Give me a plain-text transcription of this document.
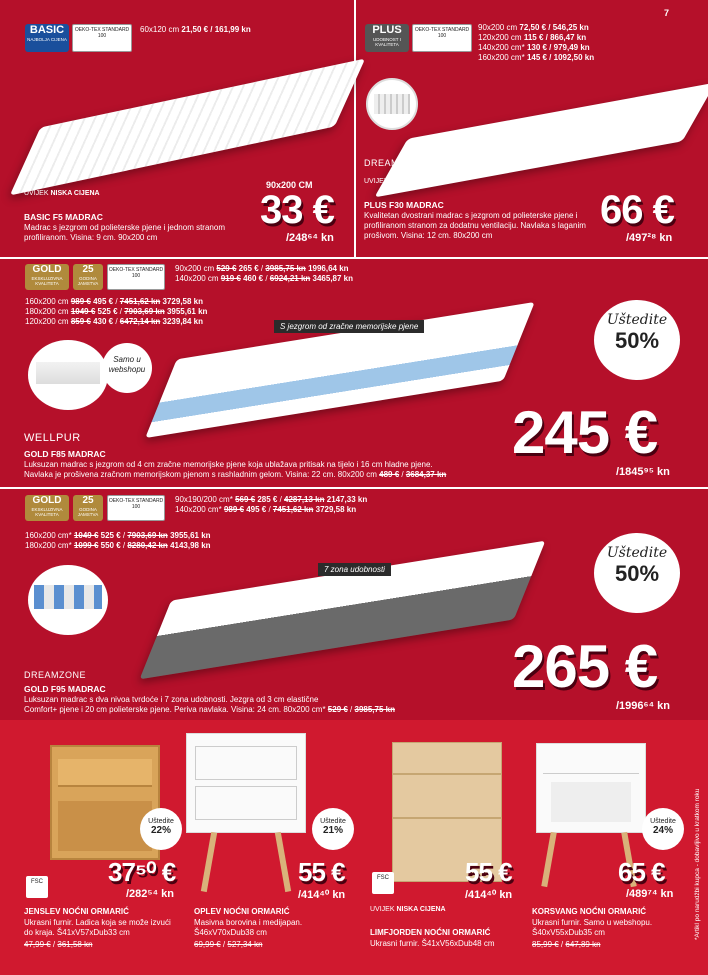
7
BASIC
NAJBOLJA CIJENA
OEKO-TEX STANDARD 100
60x120 cm 21,50 € / 161,99 kn
90x200 CM
UVIJEK NISKA CIJENA
BASIC F5 MADRAC
Madrac s jezgrom od polieterske pjene i jednom stranom profiliranom. Visina: 9 cm. 90x200 cm
33 €
/248⁶⁴ kn
PLUS
UDOBNOST I KVALITETA
OEKO-TEX STANDARD 100
90x200 cm 72,50 € / 546,25 kn
120x200 cm 115 € / 866,47 kn
140x200 cm* 130 € / 979,49 kn
160x200 cm* 145 € / 1092,50 kn
DREAMZONE
UVIJEK NISKA CIJENA
PLUS F30 MADRAC
Kvalitetan dvostrani madrac s jezgrom od polieterske pjene i profiliranom stranom za dodatnu ventilaciju. Navlaka s laganim prošivom. Visina: 12 cm. 80x200 cm
66 €
/497²⁸ kn
GOLD
EKSKLUZIVNA KVALITETA
25
GODINA JAMSTVA
OEKO-TEX STANDARD 100
90x200 cm 529 € 265 € / 3985,75 kn 1996,64 kn
140x200 cm 919 € 460 € / 6924,21 kn 3465,87 kn
160x200 cm 989 € 495 € / 7451,62 kn 3729,58 kn
180x200 cm 1049 € 525 € / 7903,69 kn 3955,61 kn
120x200 cm 859 € 430 € / 6472,14 kn 3239,84 kn
S jezgrom od zračne memorijske pjene
Samo u webshopu
Uštedite
50%
WELLPUR
GOLD F85 MADRAC
Luksuzan madrac s jezgrom od 4 cm zračne memorijske pjene koja ublažava pritisak na tijelo i 16 cm hladne pjene.
Navlaka je prošivena zračnom memorijskom pjenom s rashladnim gelom. Visina: 22 cm. 80x200 cm 489 € / 3684,37 kn
245 €
/1845⁹⁵ kn
GOLD
EKSKLUZIVNA KVALITETA
25
GODINA JAMSTVA
OEKO-TEX STANDARD 100
90x190/200 cm* 569 € 285 € / 4287,13 kn 2147,33 kn
140x200 cm* 989 € 495 € / 7451,62 kn 3729,58 kn
160x200 cm* 1049 € 525 € / 7903,69 kn 3955,61 kn
180x200 cm* 1099 € 550 € / 8280,42 kn 4143,98 kn
7 zona udobnosti
Uštedite
50%
DREAMZONE
GOLD F95 MADRAC
Luksuzan madrac s dva nivoa tvrdoće i 7 zona udobnosti. Jezgra od 3 cm elastične
Comfort+ pjene i 20 cm polieterske pjene. Periva navlaka. Visina: 24 cm. 80x200 cm* 529 € / 3985,75 kn
265 €
/1996⁶⁴ kn
Uštedite
22%
FSC	37⁵⁰ €
/282⁵⁴ kn
JENSLEV NOĆNI ORMARIĆ
Ukrasni furnir. Ladica koja se može izvući do kraja. Š41xV57xDub33 cm
47,99 € / 361,58 kn
Uštedite
21%
55 €
/414⁴⁰ kn
OPLEV NOĆNI ORMARIĆ
Masivna borovina i medijapan. Š46xV70xDub38 cm
69,99 € / 527,34 kn
FSC	55 €
/414⁴⁰ kn
UVIJEK NISKA CIJENA
LIMFJORDEN NOĆNI ORMARIĆ
Ukrasni furnir. Š41xV56xDub48 cm
Uštedite
24%
65 €
/489⁷⁴ kn
KORSVANG NOĆNI ORMARIĆ
Ukrasni furnir. Samo u webshopu. Š40xV55xDub35 cm
85,99 € / 647,89 kn
*Artikl po narudžbi kupca - dobavljivo u kratkom roku
